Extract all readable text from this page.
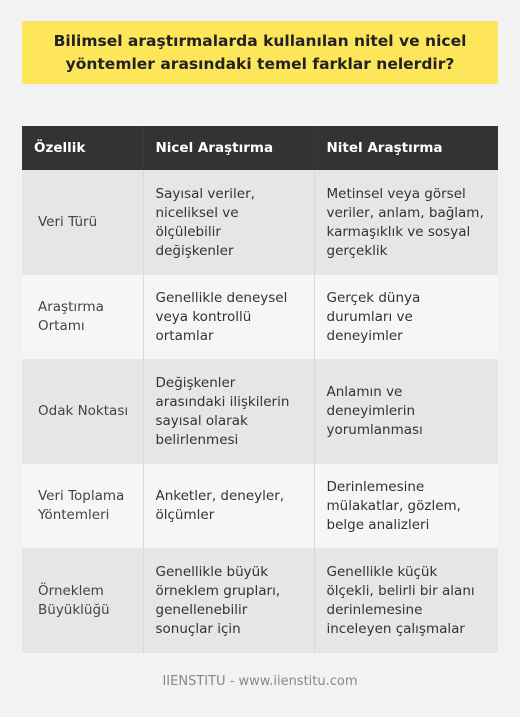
Bilimsel araştırmalarda kullanılan nitel ve nicel yöntemler arasındaki temel farklar nelerdir?
Özellik	Nicel Araştırma	Nitel Araştırma
Veri Türü	Sayısal veriler, niceliksel ve ölçülebilir değişkenler	Metinsel veya görsel veriler, anlam, bağlam, karmaşıklık ve sosyal gerçeklik
Araştırma Ortamı	Genellikle deneysel veya kontrollü ortamlar	Gerçek dünya durumları ve deneyimler
Odak Noktası	Değişkenler arasındaki ilişkilerin sayısal olarak belirlenmesi	Anlamın ve deneyimlerin yorumlanması
Veri Toplama Yöntemleri	Anketler, deneyler, ölçümler	Derinlemesine mülakatlar, gözlem, belge analizleri
Örneklem Büyüklüğü	Genellikle büyük örneklem grupları, genellenebilir sonuçlar için	Genellikle küçük ölçekli, belirli bir alanı derinlemesine inceleyen çalışmalar
IIENSTITU - www.iienstitu.com
